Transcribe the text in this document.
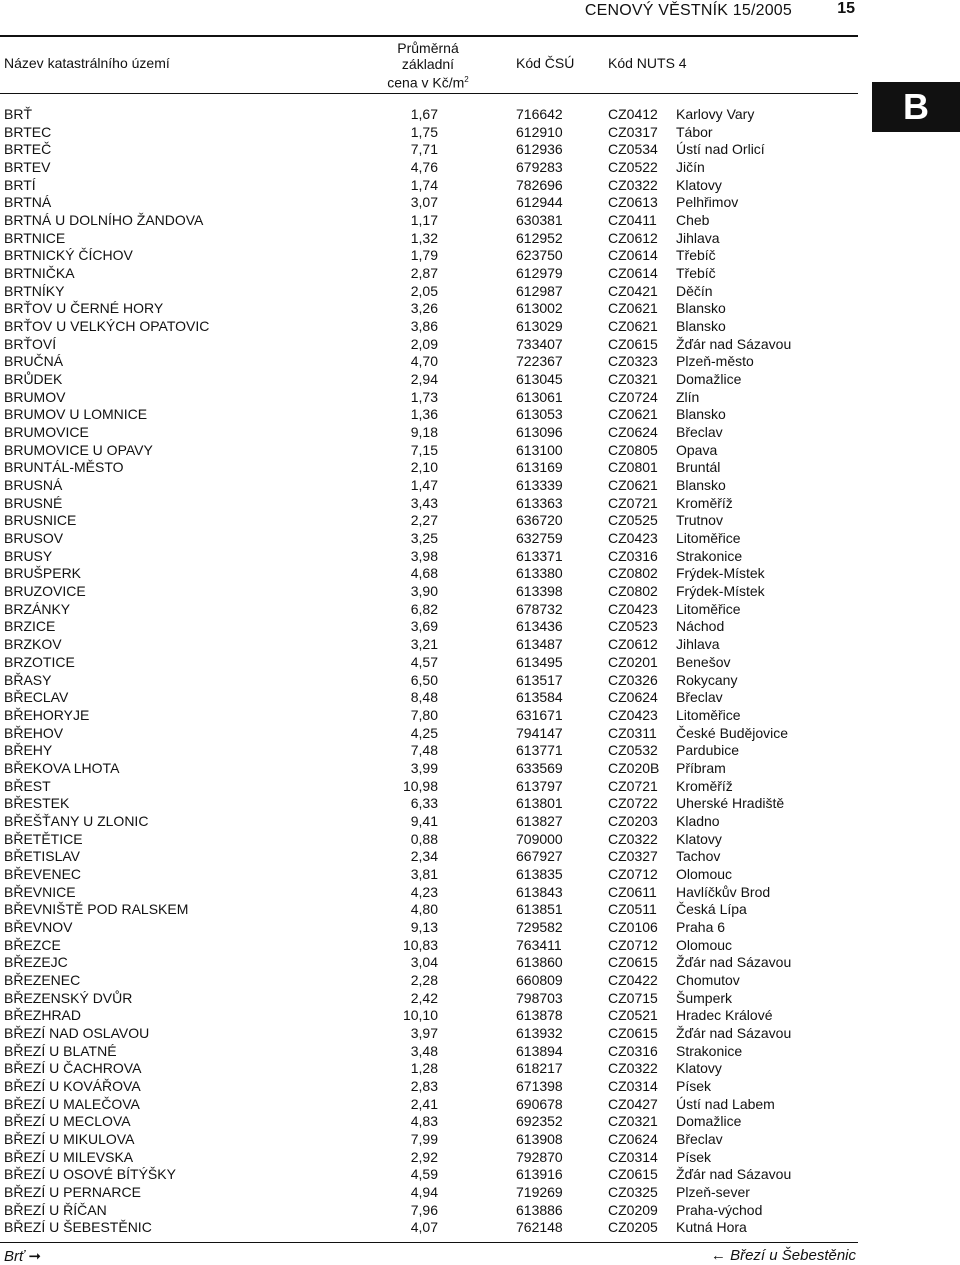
CENOVÝ VĚSTNÍK 15/2005	15
Název katastrálního území
Průměrná
základní
cena v $Kč/m^2$
Kód ČSÚ Kód NUTS 4
B
BRŤ	1,67	716642	CZ0412 Karlovy Vary
BRTEC	1,75	612910	CZ0317 Tábor
BRTEČ	7,71	612936	CZ0534 Ústí nad Orlicí
BRTEV	4,76	679283	CZ0522 Jičín
BRTÍ	1,74	782696	CZ0322 Klatovy
BRTNÁ	3,07	612944	CZ0613 Pelhřimov
BRTNÁ U DOLNÍHO ŽANDOVA	1,17	630381	CZ0411 Cheb
BRTNICE	1,32	612952	CZ0612 Jihlava
BRTNICKÝ ČÍCHOV	1,79	623750	CZ0614 Třebíč
BRTNIČKA	2,87	612979	CZ0614 Třebíč
BRTNÍKY	2,05	612987	CZ0421 Děčín
BRŤOV U ČERNÉ HORY	3,26	613002	CZ0621 Blansko
BRŤOV U VELKÝCH OPATOVIC	3,86	613029	CZ0621 Blansko
BRŤOVÍ	2,09	733407	CZ0615 Žďár nad Sázavou
BRUČNÁ	4,70	722367	CZ0323 Plzeň-město
BRŮDEK	2,94	613045	CZ0321 Domažlice
BRUMOV	1,73	613061	CZ0724 Zlín
BRUMOV U LOMNICE	1,36	613053	CZ0621 Blansko
BRUMOVICE	9,18	613096	CZ0624 Břeclav
BRUMOVICE U OPAVY	7,15	613100	CZ0805 Opava
BRUNTÁL-MĚSTO	2,10	613169	CZ0801 Bruntál
BRUSNÁ	1,47	613339	CZ0621 Blansko
BRUSNÉ	3,43	613363	CZ0721 Kroměříž
BRUSNICE	2,27	636720	CZ0525 Trutnov
BRUSOV	3,25	632759	CZ0423 Litoměřice
BRUSY	3,98	613371	CZ0316 Strakonice
BRUŠPERK	4,68	613380	CZ0802 Frýdek-Místek
BRUZOVICE	3,90	613398	CZ0802 Frýdek-Místek
BRZÁNKY	6,82	678732	CZ0423 Litoměřice
BRZICE	3,69	613436	CZ0523 Náchod
BRZKOV	3,21	613487	CZ0612 Jihlava
BRZOTICE	4,57	613495	CZ0201 Benešov
BŘASY	6,50	613517	CZ0326 Rokycany
BŘECLAV	8,48	613584	CZ0624 Břeclav
BŘEHORYJE	7,80	631671	CZ0423 Litoměřice
BŘEHOV	4,25	794147	CZ0311 České Budějovice
BŘEHY	7,48	613771	CZ0532 Pardubice
BŘEKOVA LHOTA	3,99	633569	CZ020B Příbram
BŘEST	10,98	613797	CZ0721 Kroměříž
BŘESTEK	6,33	613801	CZ0722 Uherské Hradiště
BŘEŠŤANY U ZLONIC	9,41	613827	CZ0203 Kladno
BŘETĚTICE	0,88	709000	CZ0322 Klatovy
BŘETISLAV	2,34	667927	CZ0327 Tachov
BŘEVENEC	3,81	613835	CZ0712 Olomouc
BŘEVNICE	4,23	613843	CZ0611 Havlíčkův Brod
BŘEVNIŠTĚ POD RALSKEM	4,80	613851	CZ0511 Česká Lípa
BŘEVNOV	9,13	729582	CZ0106 Praha 6
BŘEZCE	10,83	763411	CZ0712 Olomouc
BŘEZEJC	3,04	613860	CZ0615 Žďár nad Sázavou
BŘEZENEC	2,28	660809	CZ0422 Chomutov
BŘEZENSKÝ DVŮR	2,42	798703	CZ0715 Šumperk
BŘEZHRAD	10,10	613878	CZ0521 Hradec Králové
BŘEZÍ NAD OSLAVOU	3,97	613932	CZ0615 Žďár nad Sázavou
BŘEZÍ U BLATNÉ	3,48	613894	CZ0316 Strakonice
BŘEZÍ U ČACHROVA	1,28	618217	CZ0322 Klatovy
BŘEZÍ U KOVÁŘOVA	2,83	671398	CZ0314 Písek
BŘEZÍ U MALEČOVA	2,41	690678	CZ0427 Ústí nad Labem
BŘEZÍ U MECLOVA	4,83	692352	CZ0321 Domažlice
BŘEZÍ U MIKULOVA	7,99	613908	CZ0624 Břeclav
BŘEZÍ U MILEVSKA	2,92	792870	CZ0314 Písek
BŘEZÍ U OSOVÉ BÍTÝŠKY	4,59	613916	CZ0615 Žďár nad Sázavou
BŘEZÍ U PERNARCE	4,94	719269	CZ0325 Plzeň-sever
BŘEZÍ U ŘÍČAN	7,96	613886	CZ0209 Praha-východ
BŘEZÍ U ŠEBESTĚNIC	4,07	762148	CZ0205 Kutná Hora
Brť ➞	← Březí u Šebestěnic
